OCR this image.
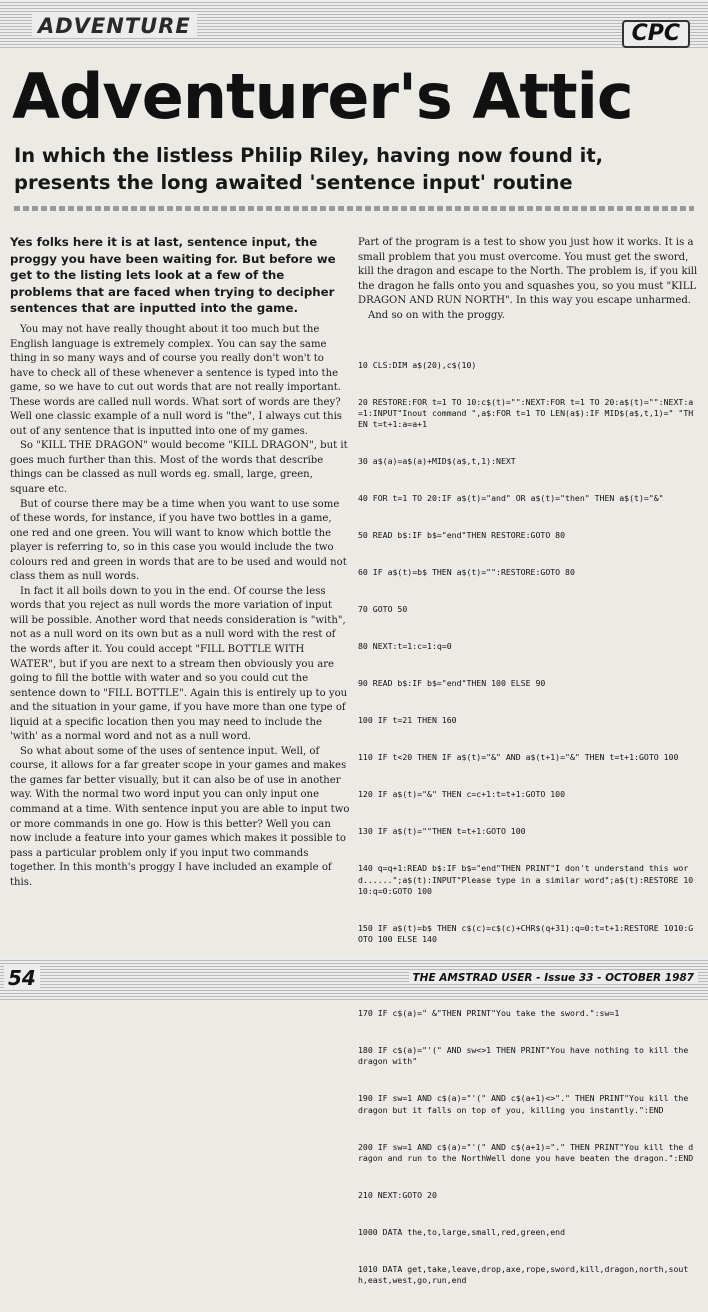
ADVENTURE	CPC
Adventurer's Attic
In which the listless Philip Riley, having now found it, presents the long awaited 'sentence input' routine

Yes folks here it is at last, sentence input, the proggy you have been waiting for. But before we get to the listing lets look at a few of the problems that are faced when trying to decipher sentences that are inputted into the game.

You may not have really thought about it too much but the English language is extremely complex. You can say the same thing in so many ways and of course you really don't won't to have to check all of these whenever a sentence is typed into the game, so we have to cut out words that are not really important. These words are called null words. What sort of words are they? Well one classic example of a null word is "the", I always cut this out of any sentence that is inputted into one of my games.

So "KILL THE DRAGON" would become "KILL DRAGON", but it goes much further than this. Most of the words that describe things can be classed as null words eg. small, large, green, square etc.

But of course there may be a time when you want to use some of these words, for instance, if you have two bottles in a game, one red and one green. You will want to know which bottle the player is referring to, so in this case you would include the two colours red and green in words that are to be used and would not class them as null words.

In fact it all boils down to you in the end. Of course the less words that you reject as null words the more variation of input will be possible. Another word that needs consideration is "with", not as a null word on its own but as a null word with the rest of the words after it. You could accept "FILL BOTTLE WITH WATER", but if you are next to a stream then obviously you are going to fill the bottle with water and so you could cut the sentence down to "FILL BOTTLE". Again this is entirely up to you and the situation in your game, if you have more than one type of liquid at a specific location then you may need to include the 'with' as a normal word and not as a null word.

So what about some of the uses of sentence input. Well, of course, it allows for a far greater scope in your games and makes the games far better visually, but it can also be of use in another way. With the normal two word input you can only input one command at a time. With sentence input you are able to input two or more commands in one go. How is this better? Well you can now include a feature into your games which makes it possible to pass a particular problem only if you input two commands together. In this month's proggy I have included an example of this.

Part of the program is a test to show you just how it works. It is a small problem that you must overcome. You must get the sword, kill the dragon and escape to the North. The problem is, if you kill the dragon he falls onto you and squashes you, so you must "KILL DRAGON AND RUN NORTH". In this way you escape unharmed.

And so on with the proggy.

10 CLS:DIM a$(20),c$(10)

20 RESTORE:FOR t=1 TO 10:c$(t)="":NEXT:FOR t=1 TO 20:a$(t)="":NEXT:a=1:INPUT"Inout command ",a$:FOR t=1 TO LEN(a$):IF MID$(a$,t,1)=" "THEN t=t+1:a=a+1

30 a$(a)=a$(a)+MID$(a$,t,1):NEXT

40 FOR t=1 TO 20:IF a$(t)="and" OR a$(t)="then" THEN a$(t)="&"

50 READ b$:IF b$="end"THEN RESTORE:GOTO 80

60 IF a$(t)=b$ THEN a$(t)="":RESTORE:GOTO 80

70 GOTO 50

80 NEXT:t=1:c=1:q=0

90 READ b$:IF b$="end"THEN 100 ELSE 90

100 IF t=21 THEN 160

110 IF t<20 THEN IF a$(t)="&" AND a$(t+1)="&" THEN t=t+1:GOTO 100

120 IF a$(t)="&" THEN c=c+1:t=t+1:GOTO 100

130 IF a$(t)=""THEN t=t+1:GOTO 100

140 q=q+1:READ b$:IF b$="end"THEN PRINT"I don't understand this word......";a$(t):INPUT"Please type in a similar word";a$(t):RESTORE 1010:q=0:GOTO 100

150 IF a$(t)=b$ THEN c$(c)=c$(c)+CHR$(q+31):q=0:t=t+1:RESTORE 1010:GOTO 100 ELSE 140

170 IF c$(a)=" &"THEN PRINT"You take the sword.":sw=1

180 IF c$(a)="'(" AND sw<>1 THEN PRINT"You have nothing to kill the dragon with"

190 IF sw=1 AND c$(a)="'(" AND c$(a+1)<>"." THEN PRINT"You kill the dragon but it falls on top of you, killing you instantly.":END

200 IF sw=1 AND c$(a)="'(" AND c$(a+1)="." THEN PRINT"You kill the dragon and run to the NorthWell done you have beaten the dragon.":END

210 NEXT:GOTO 20

1000 DATA the,to,large,small,red,green,end

1010 DATA get,take,leave,drop,axe,rope,sword,kill,dragon,north,south,east,west,go,run,end

54	THE AMSTRAD USER - Issue 33 - OCTOBER 1987
